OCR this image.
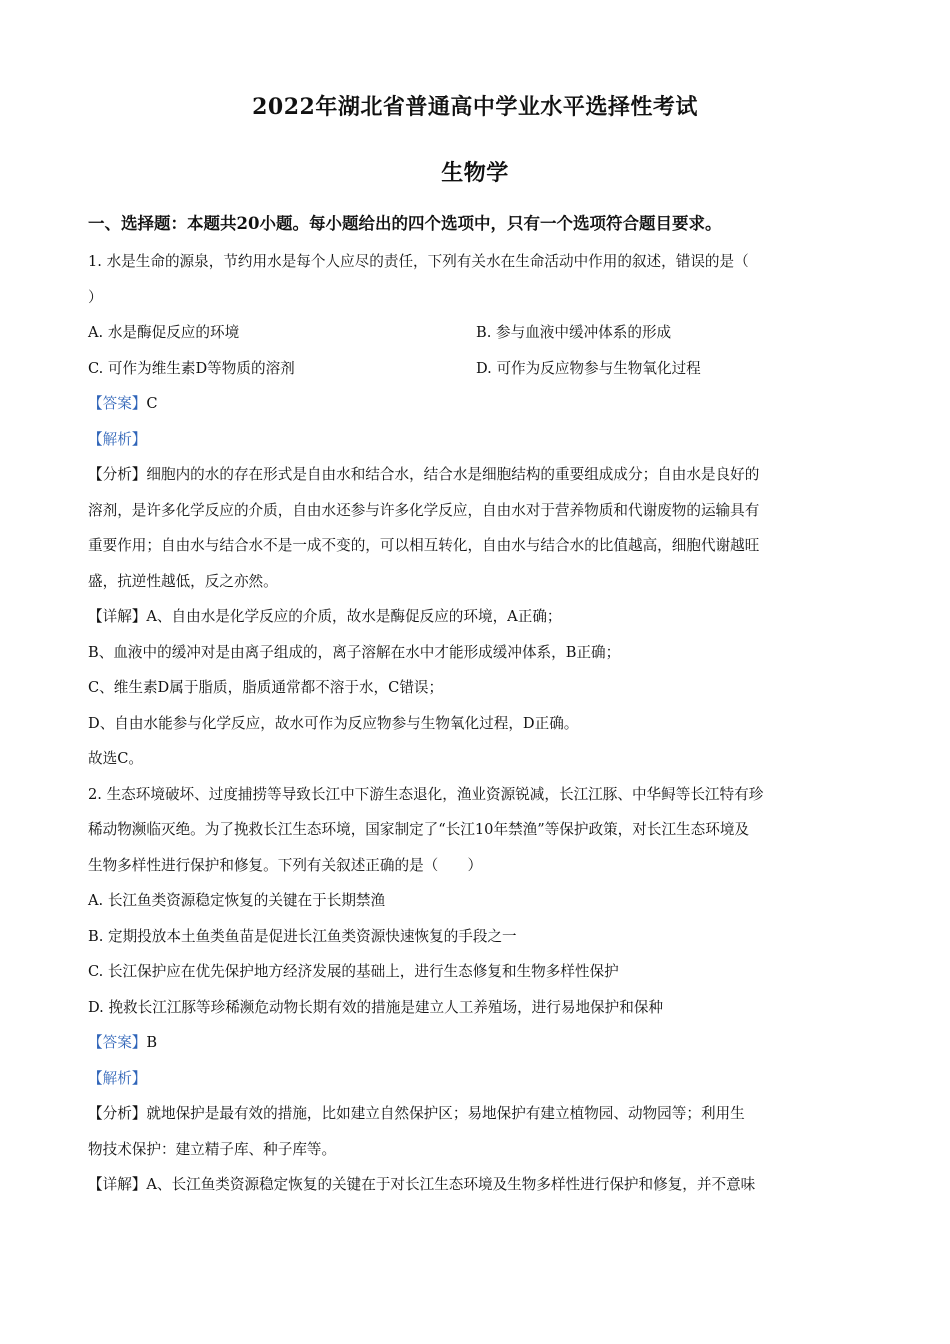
2022年湖北省普通高中学业水平选择性考试
生物学
一、选择题：本题共20小题。每小题给出的四个选项中，只有一个选项符合题目要求。
1. 水是生命的源泉，节约用水是每个人应尽的责任，下列有关水在生命活动中作用的叙述，错误的是（
）
A. 水是酶促反应的环境	B. 参与血液中缓冲体系的形成
C. 可作为维生素D等物质的溶剂	D. 可作为反应物参与生物氧化过程
【答案】C
【解析】
【分析】细胞内的水的存在形式是自由水和结合水，结合水是细胞结构的重要组成成分；自由水是良好的
溶剂，是许多化学反应的介质，自由水还参与许多化学反应，自由水对于营养物质和代谢废物的运输具有
重要作用；自由水与结合水不是一成不变的，可以相互转化，自由水与结合水的比值越高，细胞代谢越旺
盛，抗逆性越低，反之亦然。
【详解】A、自由水是化学反应的介质，故水是酶促反应的环境，A正确；
B、血液中的缓冲对是由离子组成的，离子溶解在水中才能形成缓冲体系，B正确；
C、维生素D属于脂质，脂质通常都不溶于水，C错误；
D、自由水能参与化学反应，故水可作为反应物参与生物氧化过程，D正确。
故选C。
2. 生态环境破坏、过度捕捞等导致长江中下游生态退化，渔业资源锐减，长江江豚、中华鲟等长江特有珍
稀动物濒临灭绝。为了挽救长江生态环境，国家制定了“长江10年禁渔”等保护政策，对长江生态环境及
生物多样性进行保护和修复。下列有关叙述正确的是（　　）
A. 长江鱼类资源稳定恢复的关键在于长期禁渔
B. 定期投放本土鱼类鱼苗是促进长江鱼类资源快速恢复的手段之一
C. 长江保护应在优先保护地方经济发展的基础上，进行生态修复和生物多样性保护
D. 挽救长江江豚等珍稀濒危动物长期有效的措施是建立人工养殖场，进行易地保护和保种
【答案】B
【解析】
【分析】就地保护是最有效的措施，比如建立自然保护区；易地保护有建立植物园、动物园等；利用生
物技术保护：建立精子库、种子库等。
【详解】A、长江鱼类资源稳定恢复的关键在于对长江生态环境及生物多样性进行保护和修复，并不意味
